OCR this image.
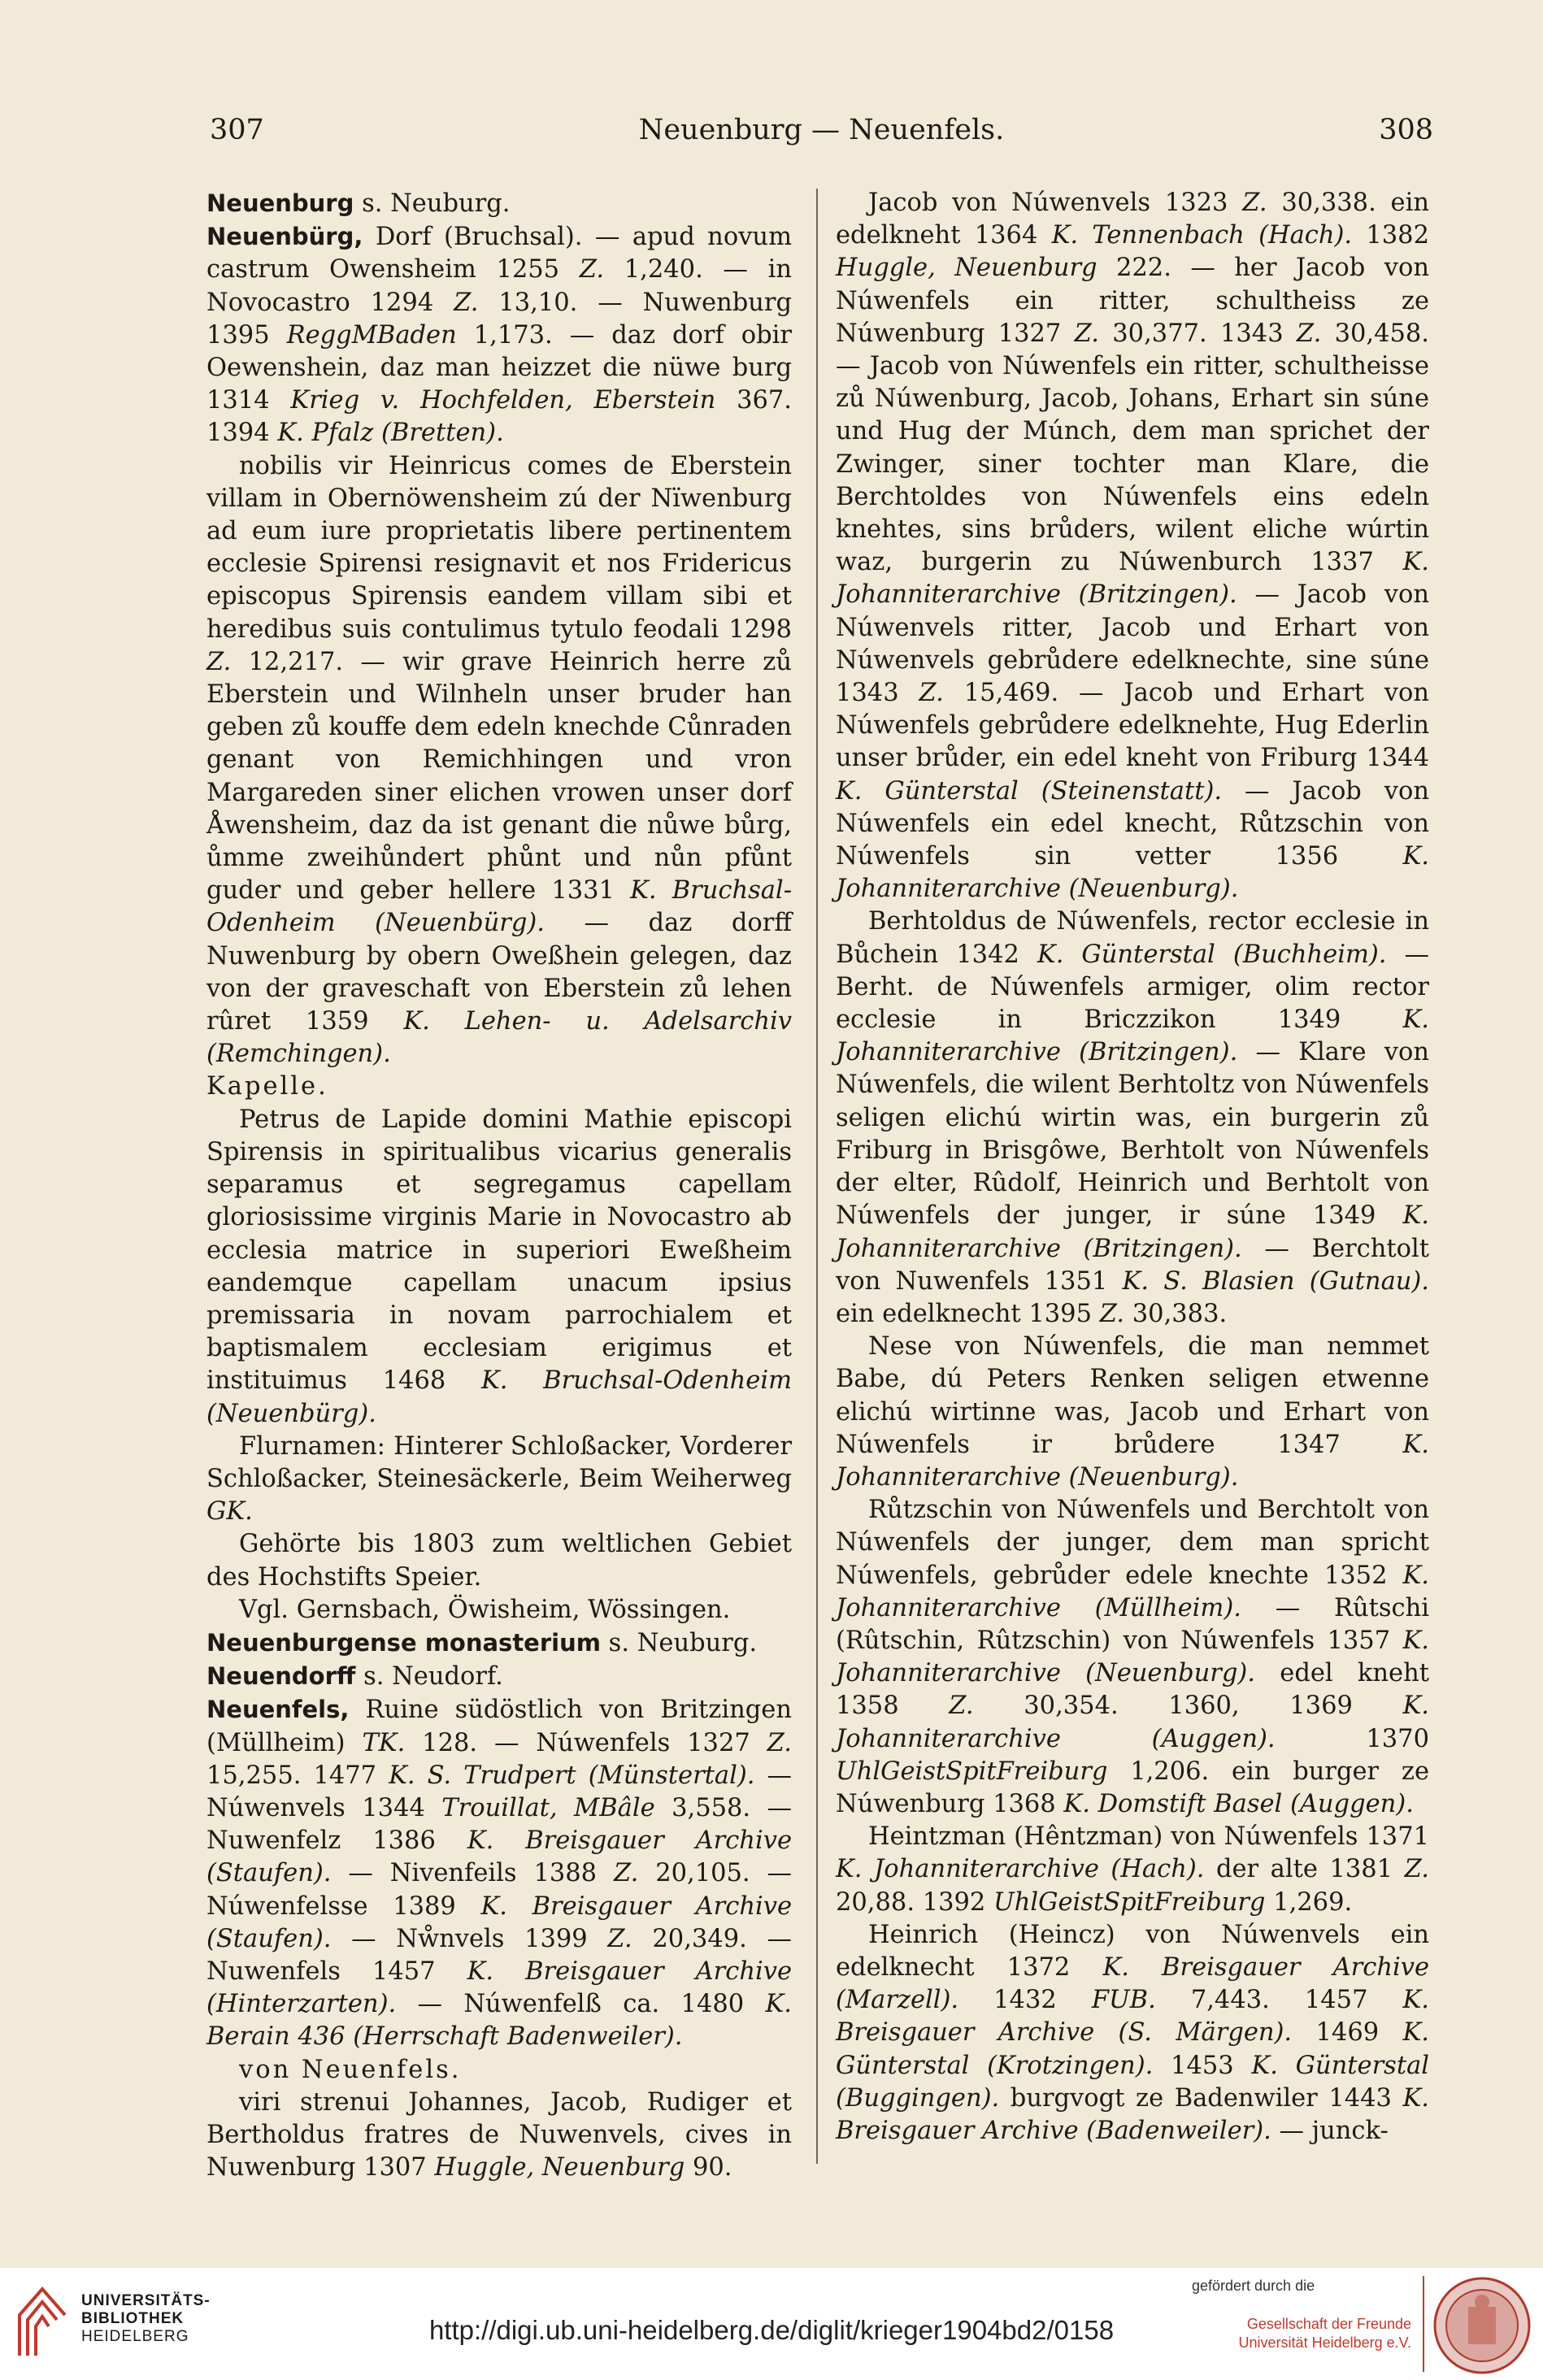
307	Neuenburg — Neuenfels.	308

Neuenburg s. Neuburg.

Neuenbürg, Dorf (Bruchsal). — apud novum castrum Owensheim 1255 Z. 1,240. — in Novocastro 1294 Z. 13,10. — Nuwenburg 1395 ReggMBaden 1,173. — daz dorf obir Oewenshein, daz man heizzet die nüwe burg 1314 Krieg v. Hochfelden, Eberstein 367. 1394 K. Pfalz (Bretten).

nobilis vir Heinricus comes de Eberstein villam in Obernöwensheim zú der Nïwenburg ad eum iure proprietatis libere pertinentem ecclesie Spirensi resignavit et nos Fridericus episcopus Spirensis eandem villam sibi et heredibus suis contulimus tytulo feodali 1298 Z. 12,217. — wir grave Heinrich herre zů Eberstein und Wilnheln unser bruder han geben zů kouffe dem edeln knechde Cůnraden genant von Remichhingen und vron Margareden siner elichen vrowen unser dorf Åwensheim, daz da ist genant die nůwe bůrg, ůmme zweihůndert phůnt und nůn pfůnt guder und geber hellere 1331 K. Bruchsal-Odenheim (Neuenbürg). — daz dorff Nuwenburg by obern Oweßhein gelegen, daz von der graveschaft von Eberstein zů lehen rûret 1359 K. Lehen- u. Adelsarchiv (Remchingen).

Kapelle.

Petrus de Lapide domini Mathie episcopi Spirensis in spiritualibus vicarius generalis separamus et segregamus capellam gloriosissime virginis Marie in Novocastro ab ecclesia matrice in superiori Eweßheim eandemque capellam unacum ipsius premissaria in novam parrochialem et baptismalem ecclesiam erigimus et instituimus 1468 K. Bruchsal-Odenheim (Neuenbürg).

Flurnamen: Hinterer Schloßacker, Vorderer Schloßacker, Steinesäckerle, Beim Weiherweg GK.

Gehörte bis 1803 zum weltlichen Gebiet des Hochstifts Speier.

Vgl. Gernsbach, Öwisheim, Wössingen.

Neuenburgense monasterium s. Neuburg.

Neuendorff s. Neudorf.

Neuenfels, Ruine südöstlich von Britzingen (Müllheim) TK. 128. — Núwenfels 1327 Z. 15,255. 1477 K. S. Trudpert (Münstertal). — Núwenvels 1344 Trouillat, MBâle 3,558. — Nuwenfelz 1386 K. Breisgauer Archive (Staufen). — Nivenfeils 1388 Z. 20,105. — Núwenfelsse 1389 K. Breisgauer Archive (Staufen). — Nẘnvels 1399 Z. 20,349. — Nuwenfels 1457 K. Breisgauer Archive (Hinterzarten). — Núwenfelß ca. 1480 K. Berain 436 (Herrschaft Badenweiler).

von Neuenfels.

viri strenui Johannes, Jacob, Rudiger et Bertholdus fratres de Nuwenvels, cives in Nuwenburg 1307 Huggle, Neuenburg 90.

Jacob von Núwenvels 1323 Z. 30,338. ein edelkneht 1364 K. Tennenbach (Hach). 1382 Huggle, Neuenburg 222. — her Jacob von Núwenfels ein ritter, schultheiss ze Núwenburg 1327 Z. 30,377. 1343 Z. 30,458. — Jacob von Núwenfels ein ritter, schultheisse zů Núwenburg, Jacob, Johans, Erhart sin súne und Hug der Múnch, dem man sprichet der Zwinger, siner tochter man Klare, die Berchtoldes von Núwenfels eins edeln knehtes, sins brůders, wilent eliche wúrtin waz, burgerin zu Núwenburch 1337 K. Johanniterarchive (Britzingen). — Jacob von Núwenvels ritter, Jacob und Erhart von Núwenvels gebrůdere edelknechte, sine súne 1343 Z. 15,469. — Jacob und Erhart von Núwenfels gebrůdere edelknehte, Hug Ederlin unser brůder, ein edel kneht von Friburg 1344 K. Günterstal (Steinenstatt). — Jacob von Núwenfels ein edel knecht, Růtzschin von Núwenfels sin vetter 1356 K. Johanniterarchive (Neuenburg).

Berhtoldus de Núwenfels, rector ecclesie in Bůchein 1342 K. Günterstal (Buchheim). — Berht. de Núwenfels armiger, olim rector ecclesie in Briczzikon 1349 K. Johanniterarchive (Britzingen). — Klare von Núwenfels, die wilent Berhtoltz von Núwenfels seligen elichú wirtin was, ein burgerin zů Friburg in Brisgôwe, Berhtolt von Núwenfels der elter, Rûdolf, Heinrich und Berhtolt von Núwenfels der junger, ir súne 1349 K. Johanniterarchive (Britzingen). — Berchtolt von Nuwenfels 1351 K. S. Blasien (Gutnau). ein edelknecht 1395 Z. 30,383.

Nese von Núwenfels, die man nemmet Babe, dú Peters Renken seligen etwenne elichú wirtinne was, Jacob und Erhart von Núwenfels ir brůdere 1347 K. Johanniterarchive (Neuenburg).

Růtzschin von Núwenfels und Berchtolt von Núwenfels der junger, dem man spricht Núwenfels, gebrůder edele knechte 1352 K. Johanniterarchive (Müllheim). — Rûtschi (Rûtschin, Rûtzschin) von Núwenfels 1357 K. Johanniterarchive (Neuenburg). edel kneht 1358 Z. 30,354. 1360, 1369 K. Johanniterarchive (Auggen). 1370 UhlGeistSpitFreiburg 1,206. ein burger ze Núwenburg 1368 K. Domstift Basel (Auggen).

Heintzman (Hêntzman) von Núwenfels 1371 K. Johanniterarchive (Hach). der alte 1381 Z. 20,88. 1392 UhlGeistSpitFreiburg 1,269.

Heinrich (Heincz) von Núwenvels ein edelknecht 1372 K. Breisgauer Archive (Marzell). 1432 FUB. 7,443. 1457 K. Breisgauer Archive (S. Märgen). 1469 K. Günterstal (Krotzingen). 1453 K. Günterstal (Buggingen). burgvogt ze Badenwiler 1443 K. Breisgauer Archive (Badenweiler). — junck-

UNIVERSITÄTS-
BIBLIOTHEK
HEIDELBERG	http://digi.ub.uni-heidelberg.de/diglit/krieger1904bd2/0158
gefördert durch die
Gesellschaft der Freunde
Universität Heidelberg e.V.
